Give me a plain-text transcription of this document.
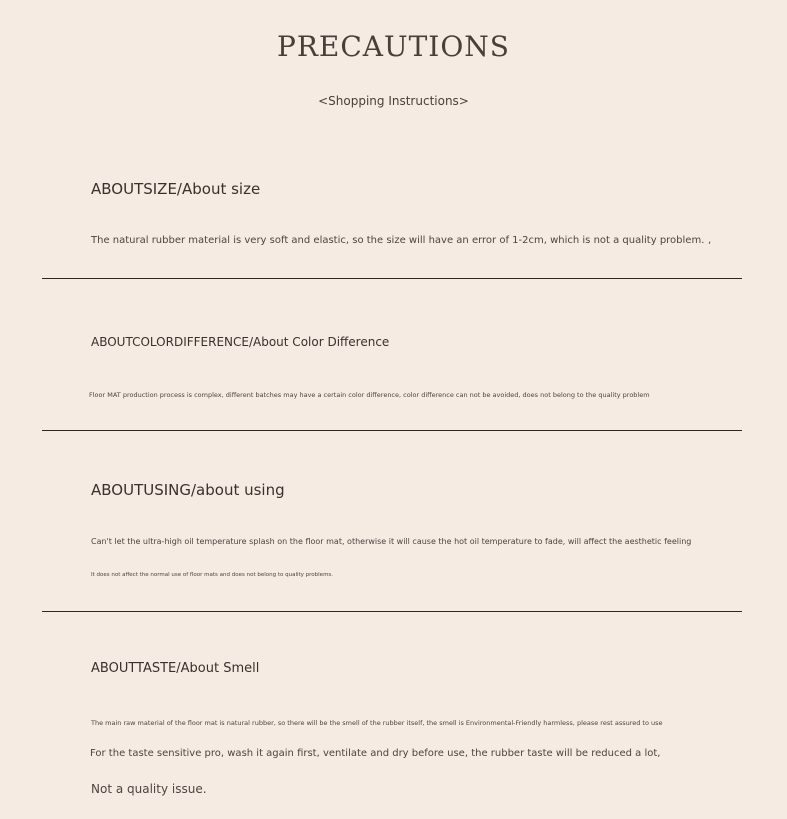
PRECAUTIONS
<Shopping Instructions>
ABOUTSIZE/About size
The natural rubber material is very soft and elastic, so the size will have an error of 1-2cm, which is not a quality problem. ,
ABOUTCOLORDIFFERENCE/About Color Difference
Floor MAT production process is complex, different batches may have a certain color difference, color difference can not be avoided, does not belong to the quality problem
ABOUTUSING/about using
Can't let the ultra-high oil temperature splash on the floor mat, otherwise it will cause the hot oil temperature to fade, will affect the aesthetic feeling
It does not affect the normal use of floor mats and does not belong to quality problems.
ABOUTTASTE/About Smell
The main raw material of the floor mat is natural rubber, so there will be the smell of the rubber itself, the smell is Environmental-Friendly harmless, please rest assured to use
For the taste sensitive pro, wash it again first, ventilate and dry before use, the rubber taste will be reduced a lot,
Not a quality issue.
